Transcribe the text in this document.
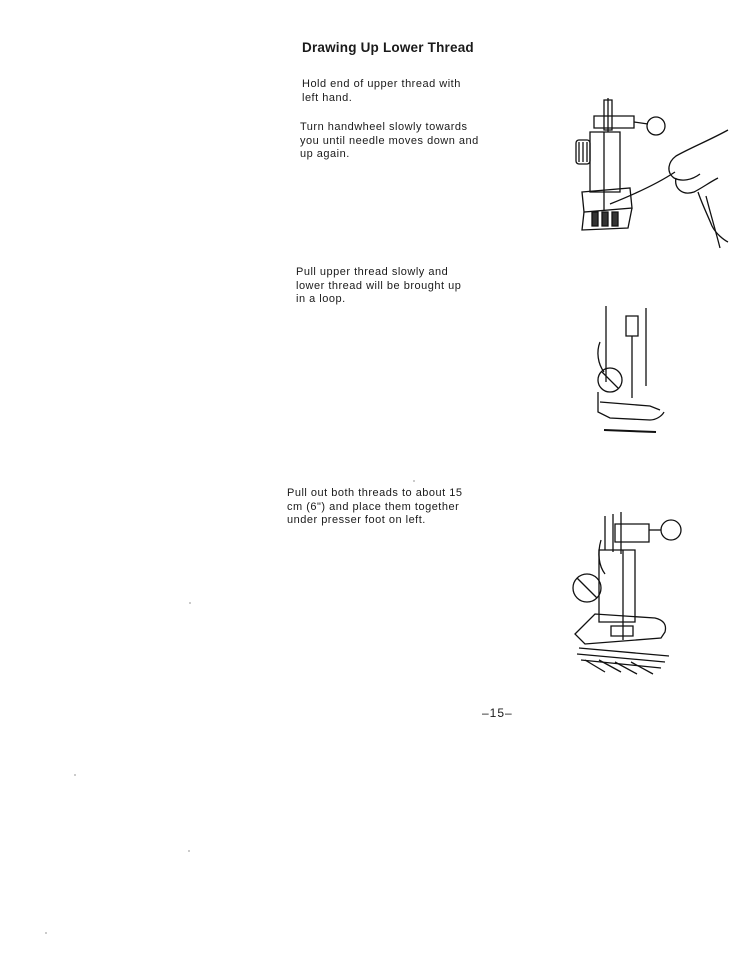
Drawing Up Lower Thread
Hold end of upper thread with
left hand.
Turn handwheel slowly towards
you until needle moves down and
up again.
Pull upper thread slowly and
lower thread will be brought up
in a loop.
Pull out both threads to about 15
cm (6") and place them together
under presser foot on left.
–15–
